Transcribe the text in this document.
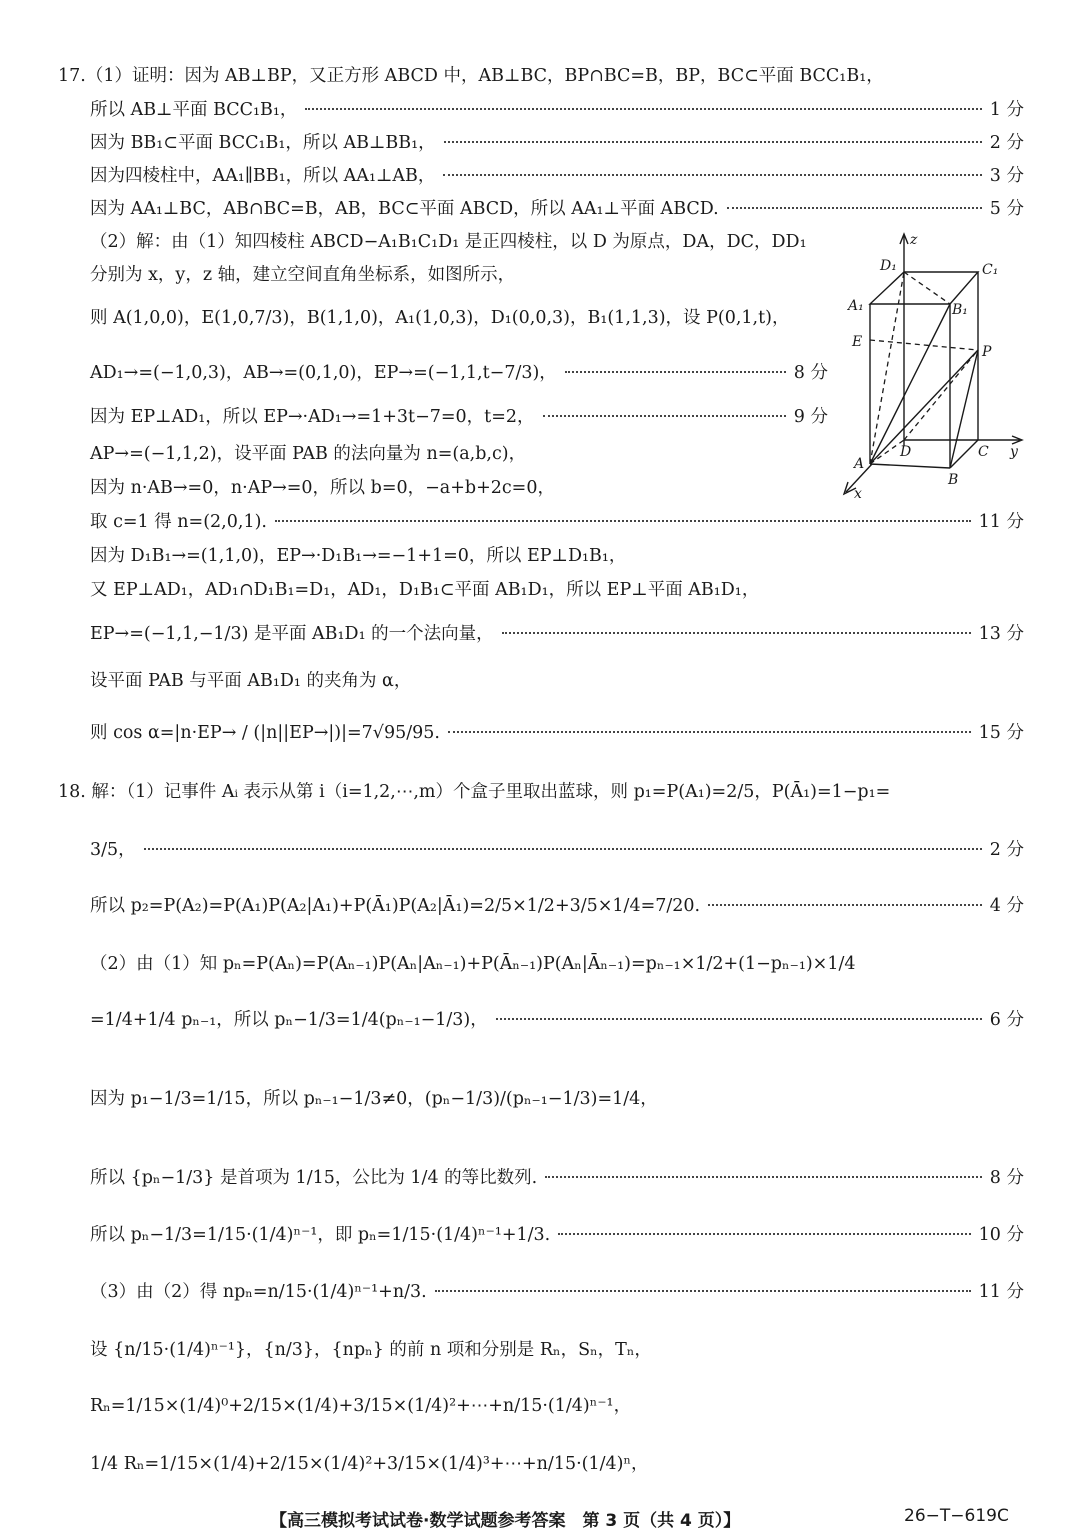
17.（1）证明：因为 AB⊥BP，又正方形 ABCD 中，AB⊥BC，BP∩BC=B，BP，BC⊂平面 BCC₁B₁，
所以 AB⊥平面 BCC₁B₁，	1 分
因为 BB₁⊂平面 BCC₁B₁，所以 AB⊥BB₁，	2 分
因为四棱柱中，AA₁∥BB₁，所以 AA₁⊥AB，	3 分
因为 AA₁⊥BC，AB∩BC=B，AB，BC⊂平面 ABCD，所以 AA₁⊥平面 ABCD.	5 分
（2）解：由（1）知四棱柱 ABCD−A₁B₁C₁D₁ 是正四棱柱，以 D 为原点，DA，DC，DD₁
分别为 x，y，z 轴，建立空间直角坐标系，如图所示，
则 A(1,0,0)，E(1,0,7/3)，B(1,1,0)，A₁(1,0,3)，D₁(0,0,3)，B₁(1,1,3)，设 P(0,1,t)，
AD₁→=(−1,0,3)，AB→=(0,1,0)，EP→=(−1,1,t−7/3)，	8 分
因为 EP⊥AD₁，所以 EP→·AD₁→=1+3t−7=0，t=2，	9 分
AP→=(−1,1,2)，设平面 PAB 的法向量为 n=(a,b,c)，
因为 n·AB→=0，n·AP→=0，所以 b=0，−a+b+2c=0，
取 c=1 得 n=(2,0,1).	11 分
因为 D₁B₁→=(1,1,0)，EP→·D₁B₁→=−1+1=0，所以 EP⊥D₁B₁，
又 EP⊥AD₁，AD₁∩D₁B₁=D₁，AD₁，D₁B₁⊂平面 AB₁D₁，所以 EP⊥平面 AB₁D₁，
EP→=(−1,1,−1/3) 是平面 AB₁D₁ 的一个法向量，	13 分
设平面 PAB 与平面 AB₁D₁ 的夹角为 α，
则 cos α=|n·EP→ / (|n||EP→|)|=7√95/95.	15 分
z
D₁	C₁
A₁	B₁
E
P
D	C y
A
B
x
18. 解：（1）记事件 Aᵢ 表示从第 i（i=1,2,⋯,m）个盒子里取出蓝球，则 p₁=P(A₁)=2/5，P(Ā₁)=1−p₁=
3/5，	2 分
所以 p₂=P(A₂)=P(A₁)P(A₂|A₁)+P(Ā₁)P(A₂|Ā₁)=2/5×1/2+3/5×1/4=7/20.	4 分
（2）由（1）知 pₙ=P(Aₙ)=P(Aₙ₋₁)P(Aₙ|Aₙ₋₁)+P(Āₙ₋₁)P(Aₙ|Āₙ₋₁)=pₙ₋₁×1/2+(1−pₙ₋₁)×1/4
=1/4+1/4 pₙ₋₁，所以 pₙ−1/3=1/4(pₙ₋₁−1/3)，	6 分
因为 p₁−1/3=1/15，所以 pₙ₋₁−1/3≠0，(pₙ−1/3)/(pₙ₋₁−1/3)=1/4，
所以 {pₙ−1/3} 是首项为 1/15，公比为 1/4 的等比数列.	8 分
所以 pₙ−1/3=1/15·(1/4)ⁿ⁻¹，即 pₙ=1/15·(1/4)ⁿ⁻¹+1/3.	10 分
（3）由（2）得 npₙ=n/15·(1/4)ⁿ⁻¹+n/3.	11 分
设 {n/15·(1/4)ⁿ⁻¹}，{n/3}，{npₙ} 的前 n 项和分别是 Rₙ，Sₙ，Tₙ，
Rₙ=1/15×(1/4)⁰+2/15×(1/4)+3/15×(1/4)²+⋯+n/15·(1/4)ⁿ⁻¹，
1/4 Rₙ=1/15×(1/4)+2/15×(1/4)²+3/15×(1/4)³+⋯+n/15·(1/4)ⁿ，
【高三模拟考试试卷·数学试题参考答案　第 3 页（共 4 页）】	26−T−619C
